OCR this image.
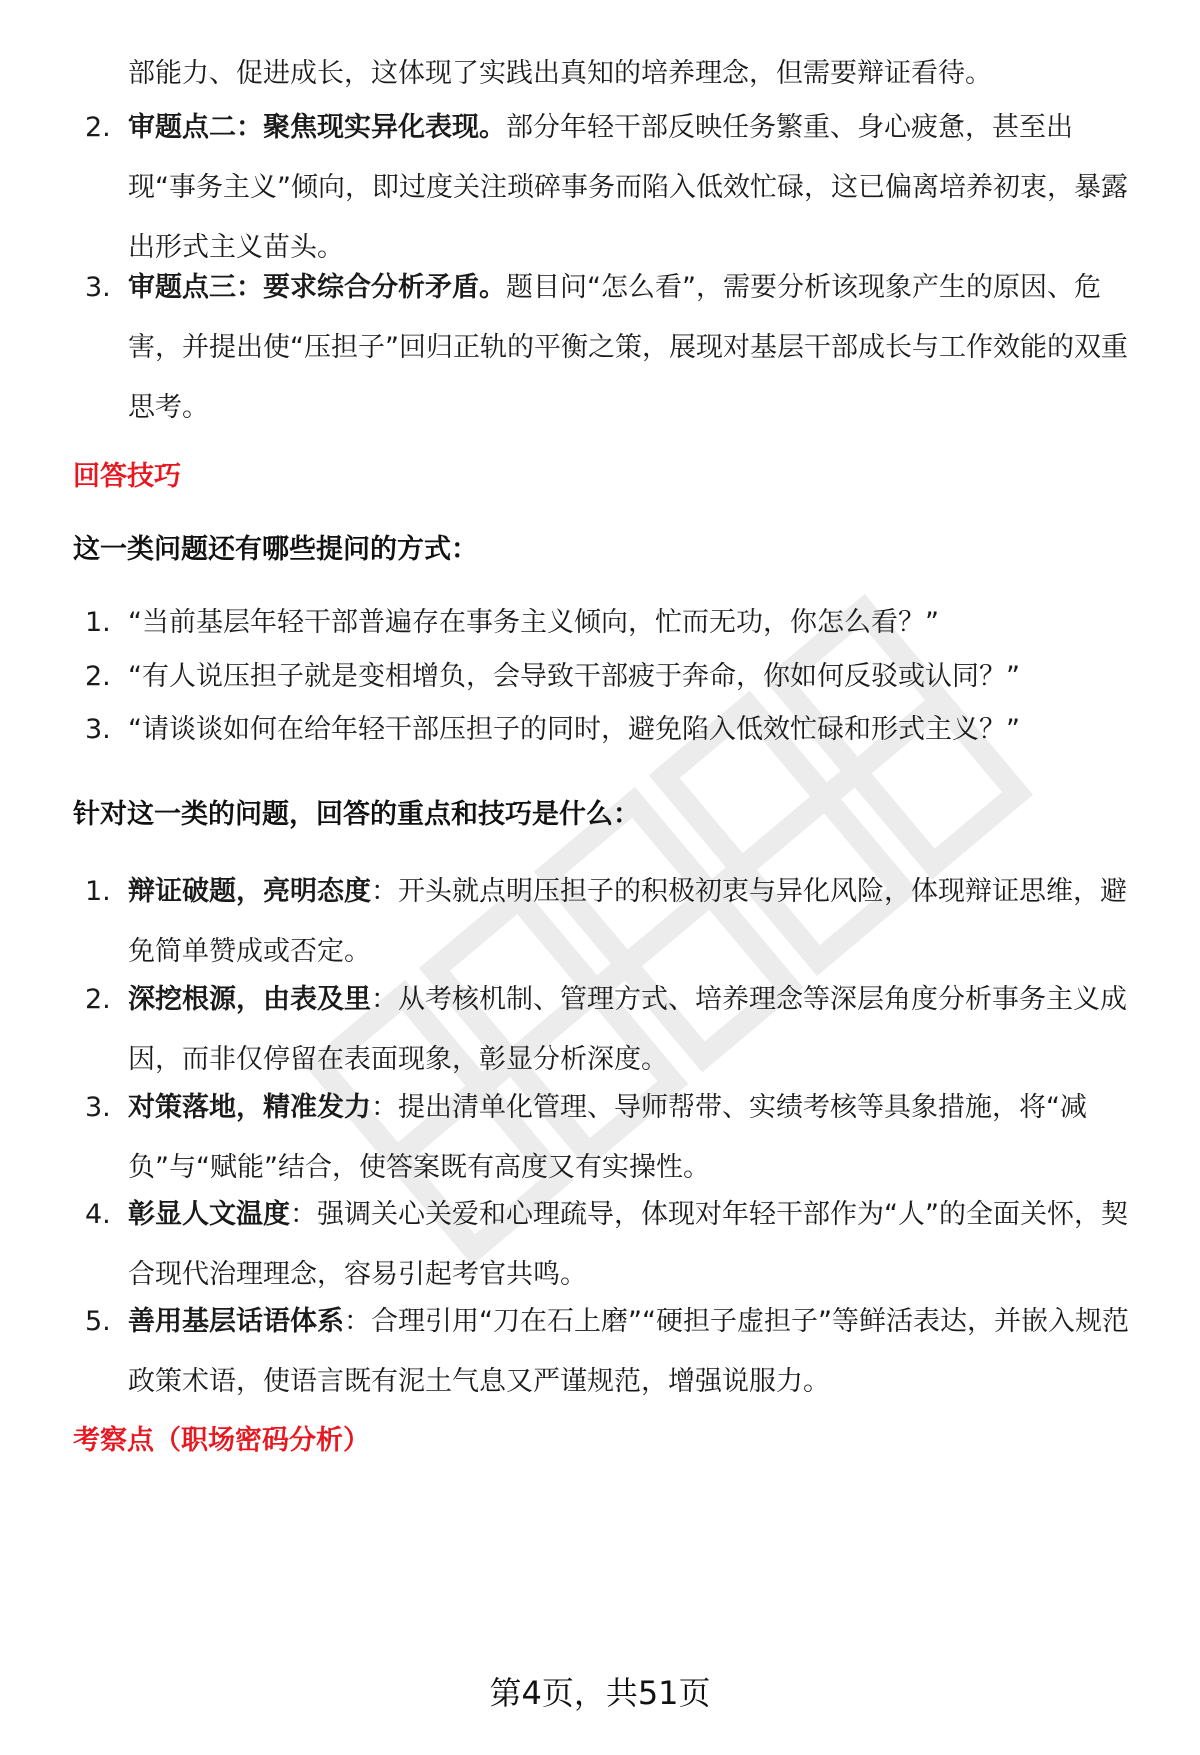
部能力、促进成长，这体现了实践出真知的培养理念，但需要辩证看待。
2. 审题点二：聚焦现实异化表现。部分年轻干部反映任务繁重、身心疲惫，甚至出现“事务主义”倾向，即过度关注琐碎事务而陷入低效忙碌，这已偏离培养初衷，暴露出形式主义苗头。
3. 审题点三：要求综合分析矛盾。题目问“怎么看”，需要分析该现象产生的原因、危害，并提出使“压担子”回归正轨的平衡之策，展现对基层干部成长与工作效能的双重思考。
回答技巧
这一类问题还有哪些提问的方式：
1. “当前基层年轻干部普遍存在事务主义倾向，忙而无功，你怎么看？”
2. “有人说压担子就是变相增负，会导致干部疲于奔命，你如何反驳或认同？”
3. “请谈谈如何在给年轻干部压担子的同时，避免陷入低效忙碌和形式主义？”
针对这一类的问题，回答的重点和技巧是什么：
1. 辩证破题，亮明态度：开头就点明压担子的积极初衷与异化风险，体现辩证思维，避免简单赞成或否定。
2. 深挖根源，由表及里：从考核机制、管理方式、培养理念等深层角度分析事务主义成因，而非仅停留在表面现象，彰显分析深度。
3. 对策落地，精准发力：提出清单化管理、导师帮带、实绩考核等具象措施，将“减负”与“赋能”结合，使答案既有高度又有实操性。
4. 彰显人文温度：强调关心关爱和心理疏导，体现对年轻干部作为“人”的全面关怀，契合现代治理理念，容易引起考官共鸣。
5. 善用基层话语体系：合理引用“刀在石上磨”“硬担子虚担子”等鲜活表达，并嵌入规范政策术语，使语言既有泥土气息又严谨规范，增强说服力。
考察点（职场密码分析）
第4页，共51页
